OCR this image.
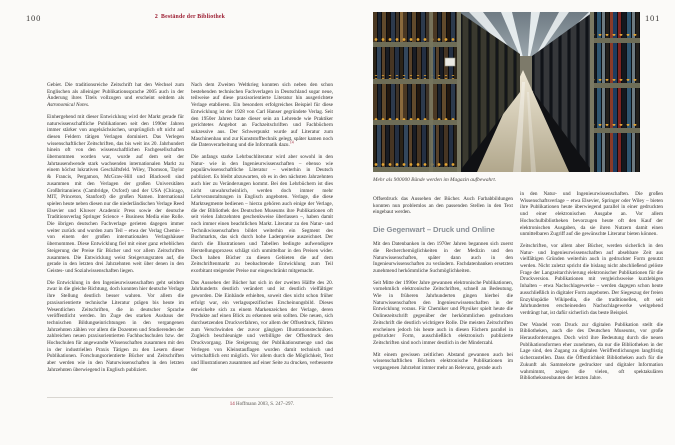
100	2 Bestände der Bibliothek

Gebiet. Die traditionsreiche Zeitschrift hat den Wechsel zum Englischen als alleiniger Publikationssprache 2005 auch in der Änderung ihres Titels vollzogen und erscheint seitdem als Astronomical Notes.

Einhergehend mit dieser Entwicklung wird der Markt gerade für naturwissenschaftliche Publikationen seit den 1990er Jahren immer stärker von angelsächsischen, ursprünglich oft nicht auf diesen Feldern tätigen Verlagen dominiert. Das Verlegen wissenschaftlicher Zeitschriften, das bis weit ins 20. Jahrhundert hinein oft von den wissenschaftlichen Fachgesellschaften übernommen worden war, wurde auf dem seit der Jahrtausendwende stark wachsenden internationalen Markt zu einem höchst lukrativen Geschäftsfeld. Wiley, Thomson, Taylor & Francis, Pergamon, McGraw-Hill und Blackwell sind zusammen mit den Verlagen der großen Universitäten Großbritanniens (Cambridge, Oxford) und der USA (Chicago, MIT, Princeton, Stanford) die großen Namen. International spielen heute neben diesen nur die niederländischen Verlage Reed Elsevier und Kluwer Academic Press sowie der deutsche Traditionsverlag Springer Science + Business Media eine Rolle. Die übrigen deutschen Fachverlage gerieten dagegen immer weiter zurück und wurden zum Teil – etwa der Verlag Chemie – von einem der großen internationalen Verlagshäuser übernommen. Diese Entwicklung fiel mit einer ganz erheblichen Steigerung der Preise für Bücher und vor allem Zeitschriften zusammen. Die Entwicklung weist Steigerungsraten auf, die gerade in den letzten drei Jahrzehnten weit über denen in den Geistes- und Sozialwissenschaften liegen.

Die Entwicklung in den Ingenieurwissenschaften geht seitdem zwar in die gleiche Richtung, doch konnten hier deutsche Verlage ihre Stellung deutlich besser wahren. Vor allem die praxisorientierte technische Literatur prägen bis heute im Wesentlichen Zeitschriften, die in deutscher Sprache veröffentlicht werden. Im Zuge des starken Ausbaus der technischen Bildungseinrichtungen in den vergangenen Jahrzehnten zählen vor allem die Dozenten und Studierenden der zahlreichen neuen praxisorientierten Fachhochschulen bzw. der Hochschulen für angewandte Wissenschaften zusammen mit den in der industriellen Praxis Tätigen zu den Lesern dieser Publikationen. Forschungsorientierte Bücher und Zeitschriften aber werden wie in den Naturwissenschaften in den letzten Jahrzehnten überwiegend in Englisch publiziert.

Nach dem Zweiten Weltkrieg konnten sich neben den schon bestehenden technischen Fachverlagen in Deutschland sogar neue, teilweise auf diese praxisorientierte Literatur hin ausgerichtete Verlage etablieren. Ein besonders erfolgreiches Beispiel für diese Entwicklung ist der 1928 von Carl Hanser gegründete Verlag. Seit den 1950er Jahren baute dieser sein an Lehrende wie Praktiker gerichtetes Angebot an Fachzeitschriften und Fachbüchern sukzessive aus. Der Schwerpunkt wurde auf Literatur zum Maschinenbau und zur Kunststofftechnik gelegt, später kamen noch die Datenverarbeitung und die Informatik dazu.$^{14}$

Die anfangs starke Lehrbuchliteratur wird aber sowohl in den Natur- wie in den Ingenieurwissenschaften – ebenso wie populärwissenschaftliche Literatur – weiterhin in Deutsch publiziert. Es bleibt abzuwarten, ob es in den nächsten Jahrzehnten auch hier zu Veränderungen kommt. Bei den Lehrbüchern ist dies nicht unwahrscheinlich, werden doch immer mehr Lehrveranstaltungen in Englisch angeboten. Verlage, die diese Marktsegmente bedienen – hierzu gehören auch einige der Verlage, die der Bibliothek des Deutschen Museums ihre Publikationen oft seit vielen Jahrzehnten geschenkweise überlassen –, haben damit noch immer einen beachtlichen Markt. Literatur zu den Natur- und Technikwissenschaften bildet weiterhin ein Segment des Buchmarkts, das sich durch hohe Ladenpreise auszeichnet. Der durch die Illustrationen und Tabellen bedingte aufwendigere Herstellungsprozess schlägt sich unmittelbar in den Preisen wider. Doch haben Bücher zu diesen Gebieten die auf dem Zeitschriftenmarkt zu beobachtende Entwicklung zum Teil exorbitant steigender Preise nur eingeschränkt mitgemacht.

Das Aussehen der Bücher hat sich in der zweiten Hälfte des 20. Jahrhunderts deutlich verändert und ist deutlich vielfältiger geworden. Die Einbände erhielten, soweit dies nicht schon früher erfolgt war, ein verlagsspezifisches Erscheinungsbild. Dieses entwickelte sich zu einem Markenzeichen der Verlage, deren Produkte auf einen Blick zu erkennen sein sollten. Die neuen, sich durchsetzenden Druckverfahren, vor allem der Offsetdruck, führten zum Verschwinden der zuvor gängigen Illustrationstechniken. Zugleich beschleunigte und verbilligte der Offsetdruck den Druckvorgang. Die Steigerung der Publikationsmenge und das Verlegen von Kleinstauflagen wurden damit technisch und wirtschaftlich erst möglich. Vor allem durch die Möglichkeit, Text und Illustrationen zusammen auf einer Seite zu drucken, verbesserte der

14 Hoffmann 2003, S. 247–297.
101
Mehr als 900000 Bände werden im Magazin aufbewahrt.

Offsetdruck das Aussehen der Bücher. Auch Farbabbildungen konnten nun problemlos an den passenden Stellen in den Text eingebaut werden.

Die Gegenwart – Druck und Online

Mit den Datenbanken in den 1970er Jahren begannen sich zuerst die Recherchemöglichkeiten in der Medizin und den Naturwissenschaften, später dann auch in den Ingenieurwissenschaften zu verändern. Fachdatenbanken ersetzten zunehmend herkömmliche Suchmöglichkeiten.

Seit Mitte der 1990er Jahre gewannen elektronische Publikationen, vornehmlich elektronische Zeitschriften, schnell an Bedeutung. Wie in früheren Jahrhunderten gingen hierbei die Naturwissenschaften den Ingenieurwissenschaften in der Entwicklung voraus. Für Chemiker und Physiker spielt heute die Onlinezeitschrift gegenüber der herkömmlichen gedruckten Zeitschrift die deutlich wichtigere Rolle. Die meisten Zeitschriften erscheinen jedoch bis heute auch in diesen Fächern parallel in gedruckter Form, ausschließlich elektronisch publizierte Zeitschriften sind noch immer deutlich in der Minderzahl.

Mit einem gewissen zeitlichen Abstand gewannen auch bei wissenschaftlichen Büchern elektronische Publikationen im vergangenen Jahrzehnt immer mehr an Relevanz, gerade auch

in den Natur- und Ingenieurwissenschaften. Die großen Wissenschaftsverlage – etwa Elsevier, Springer oder Wiley – bieten ihre Publikationen heute überwiegend parallel in einer gedruckten und einer elektronischen Ausgabe an. Vor allem Hochschulbibliotheken bevorzugen heute oft den Kauf der elektronischen Ausgaben, da sie ihren Nutzern damit einen unmittelbaren Zugriff auf die gewünschte Literatur bieten können.

Zeitschriften, vor allem aber Bücher, werden sicherlich in den Natur- und Ingenieurwissenschaften auf absehbare Zeit aus vielfältigen Gründen weiterhin auch in gedruckter Form genutzt werden. Nicht zuletzt spricht die bislang nicht abschließend gelöste Frage der Langzeitarchivierung elektronischer Publikationen für die Druckversion. Publikationen mit vergleichsweise kurzlebigen Inhalten – etwa Nachschlagewerke – werden dagegen schon heute ausschließlich in digitaler Form angeboten. Der Siegeszug der freien Enzyklopädie Wikipedia, die die traditionellen, oft seit Jahrhunderten erscheinenden Nachschlagewerke weitgehend verdrängt hat, ist dafür sicherlich das beste Beispiel.

Der Wandel vom Druck zur digitalen Publikation stellt die Bibliotheken, auch die des Deutschen Museums, vor große Herausforderungen. Doch wird ihre Bedeutung durch die neuen Publikationsformen eher zunehmen, da nur die Bibliotheken in der Lage sind, den Zugang zu digitalen Veröffentlichungen langfristig sicherzustellen. Dass die Öffentlichkeit Bibliotheken auch für die Zukunft als Sammelorte gedruckter und digitaler Information wahrnimmt, zeigen die vielen, oft spektakulären Bibliotheksneubauten der letzten Jahre.
